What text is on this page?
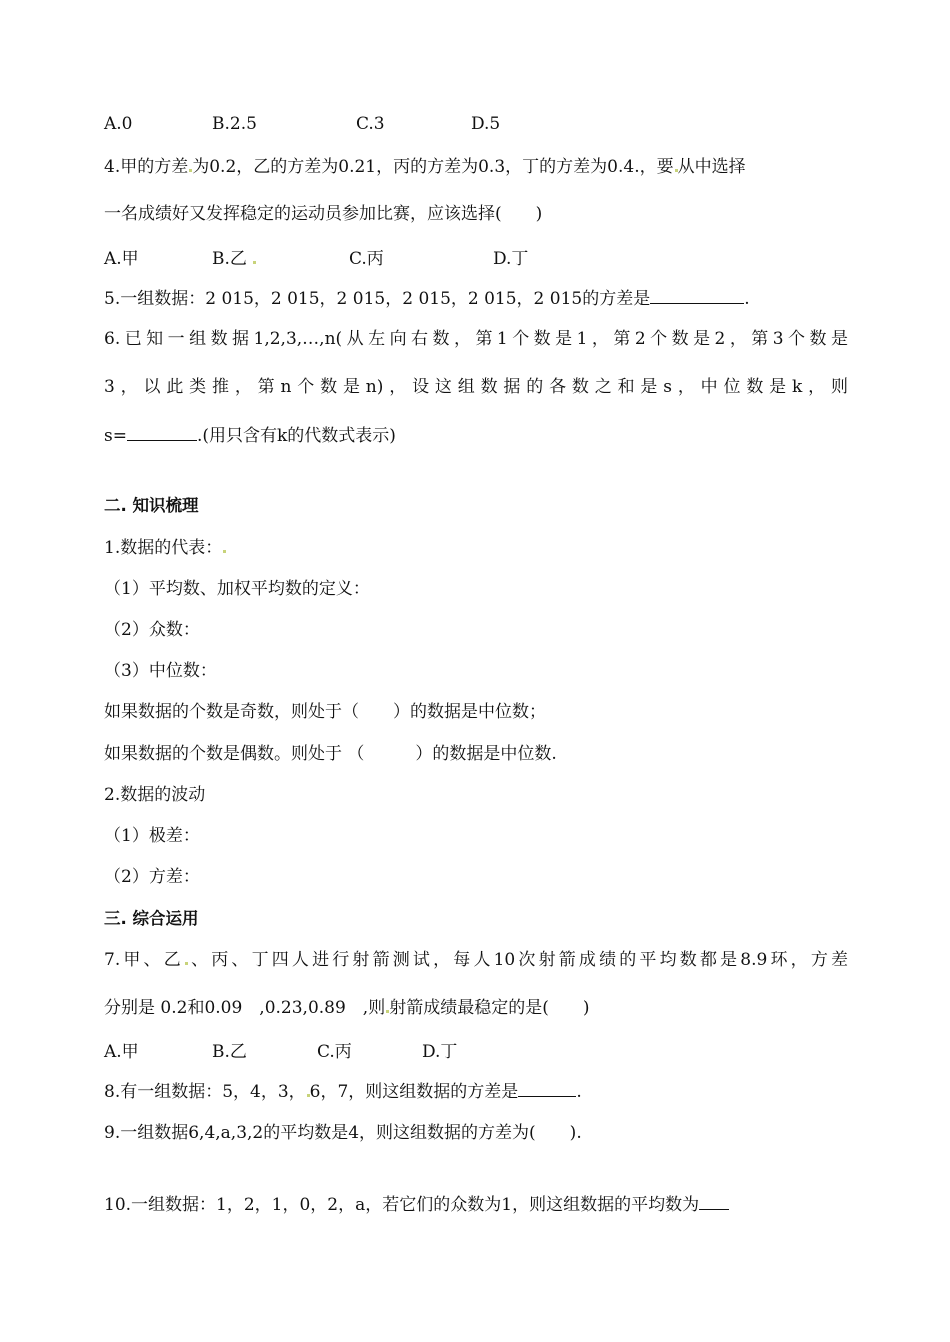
A.0	B.2.5	C.3	D.5
4.甲的方差 为0.2，乙的方差为0.21，丙的方差为0.3，丁的方差为0.4.，要 从中选择
一名成绩好又发挥稳定的运动员参加比赛，应该选择(　　)
A.甲	B.乙	C.丙	D.丁
5.一组数据：2 015，2 015，2 015，2 015，2 015，2 015的方差是	.
6.已知一组数据1,2,3,…,n(从左向右数，第1个数是1，第2个数是2，第3个数是
3，以此类推，第n个数是n)，设这组数据的各数之和是s，中位数是k，则
s=	.(用只含有k的代数式表示)
二. 知识梳理
1.数据的代表：
（1）平均数、加权平均数的定义：
（2）众数：
（3）中位数：
如果数据的个数是奇数，则处于（　　）的数据是中位数；
如果数据的个数是偶数。则处于 （　　　）的数据是中位数.
2.数据的波动
（1）极差：
（2）方差：
三. 综合运用
7.甲、乙 、丙、丁四人进行射箭测试，每人10次射箭成绩的平均数都是8.9环，方差
分别是 0.2和0.09　,0.23,0.89　,则 射箭成绩最稳定的是(　　)
A.甲	B.乙	C.丙	D.丁
8.有一组数据：5，4，3， 6，7，则这组数据的方差是	.
9.一组数据6,4,a,3,2的平均数是4，则这组数据的方差为(　　).
10.一组数据：1，2，1，0，2，a，若它们的众数为1，则这组数据的平均数为
